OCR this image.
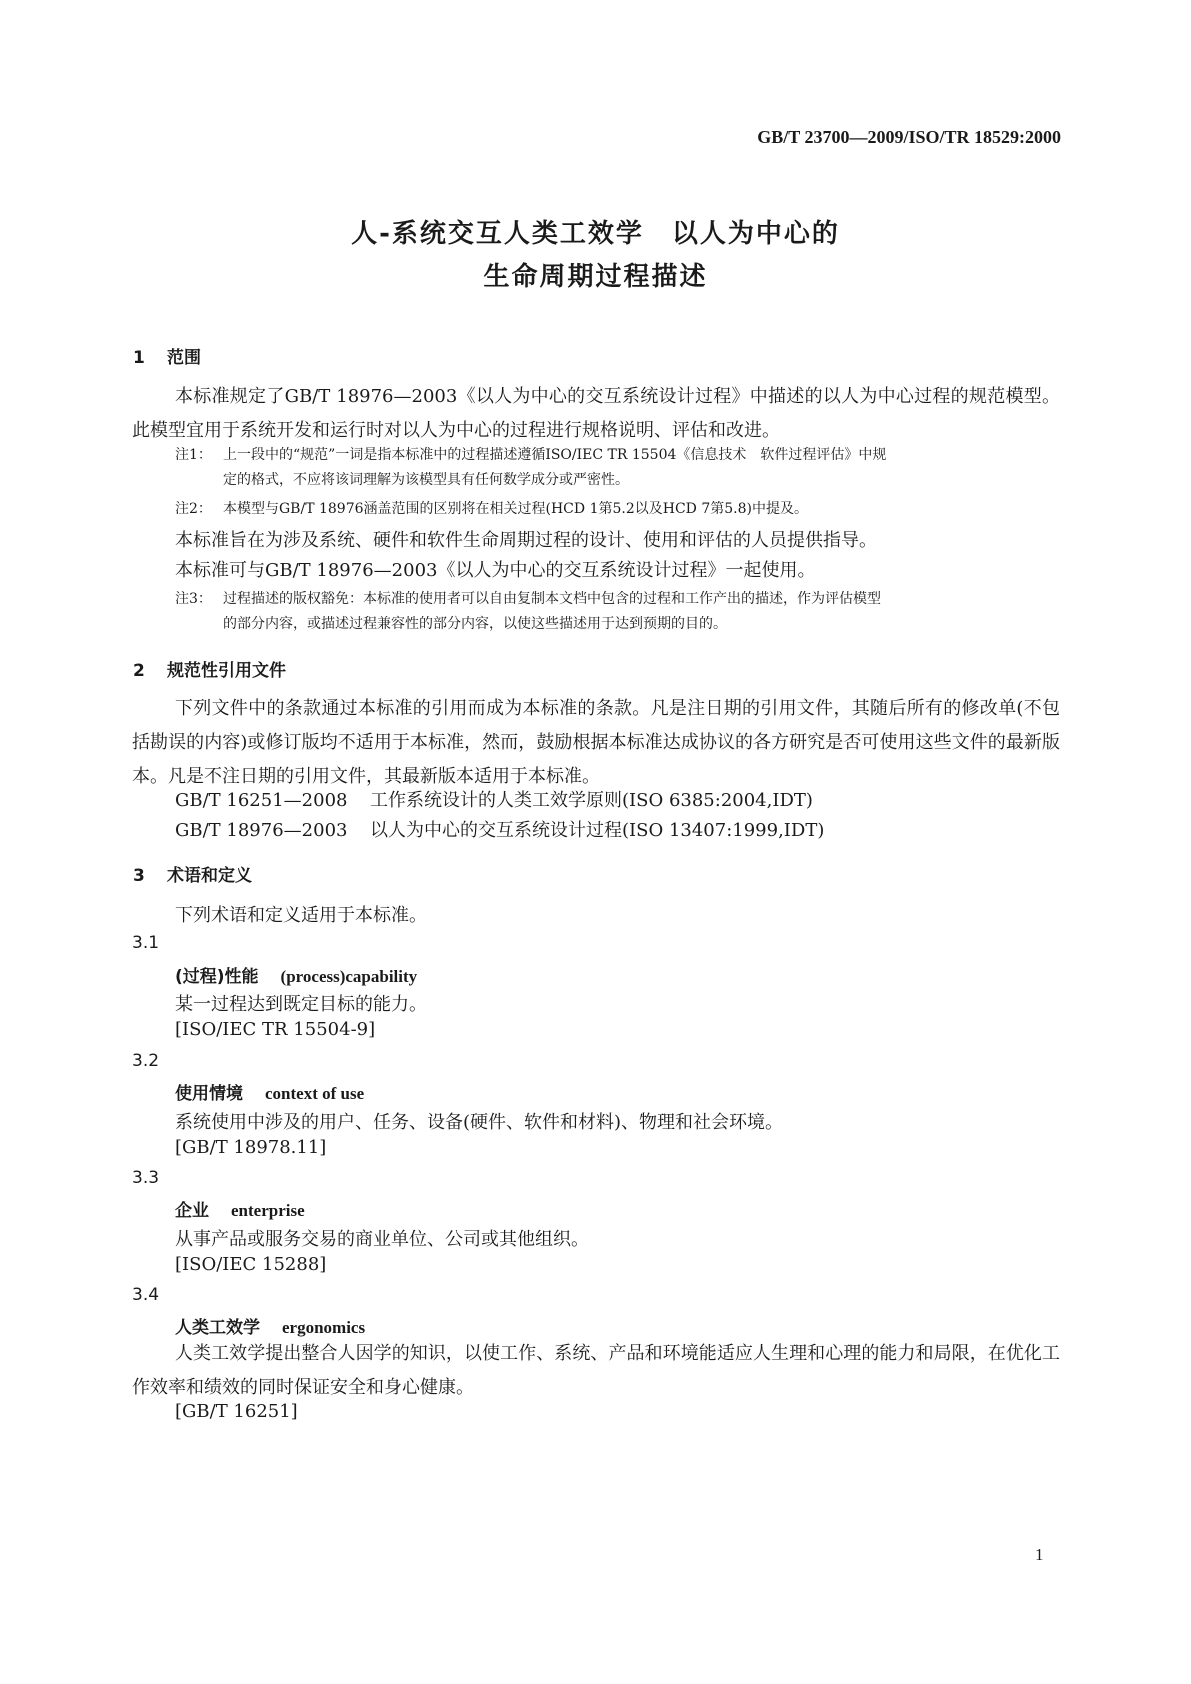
GB/T 23700—2009/ISO/TR 18529:2000
人-系统交互人类工效学　以人为中心的
生命周期过程描述
1 范围
本标准规定了GB/T 18976—2003《以人为中心的交互系统设计过程》中描述的以人为中心过程的规范模型。此模型宜用于系统开发和运行时对以人为中心的过程进行规格说明、评估和改进。
注1： 上一段中的“规范”一词是指本标准中的过程描述遵循ISO/IEC TR 15504《信息技术　软件过程评估》中规
定的格式，不应将该词理解为该模型具有任何数学成分或严密性。
注2： 本模型与GB/T 18976涵盖范围的区别将在相关过程(HCD 1第5.2以及HCD 7第5.8)中提及。
本标准旨在为涉及系统、硬件和软件生命周期过程的设计、使用和评估的人员提供指导。
本标准可与GB/T 18976—2003《以人为中心的交互系统设计过程》一起使用。
注3： 过程描述的版权豁免：本标准的使用者可以自由复制本文档中包含的过程和工作产出的描述，作为评估模型
的部分内容，或描述过程兼容性的部分内容，以使这些描述用于达到预期的目的。
2 规范性引用文件
下列文件中的条款通过本标准的引用而成为本标准的条款。凡是注日期的引用文件，其随后所有的修改单(不包括勘误的内容)或修订版均不适用于本标准，然而，鼓励根据本标准达成协议的各方研究是否可使用这些文件的最新版本。凡是不注日期的引用文件，其最新版本适用于本标准。
GB/T 16251—2008 工作系统设计的人类工效学原则(ISO 6385:2004,IDT)
GB/T 18976—2003 以人为中心的交互系统设计过程(ISO 13407:1999,IDT)
3 术语和定义
下列术语和定义适用于本标准。
3.1
(过程)性能 (process)capability
某一过程达到既定目标的能力。
[ISO/IEC TR 15504-9]
3.2
使用情境 context of use
系统使用中涉及的用户、任务、设备(硬件、软件和材料)、物理和社会环境。
[GB/T 18978.11]
3.3
企业 enterprise
从事产品或服务交易的商业单位、公司或其他组织。
[ISO/IEC 15288]
3.4
人类工效学 ergonomics
人类工效学提出整合人因学的知识，以使工作、系统、产品和环境能适应人生理和心理的能力和局限，在优化工作效率和绩效的同时保证安全和身心健康。
[GB/T 16251]
1
